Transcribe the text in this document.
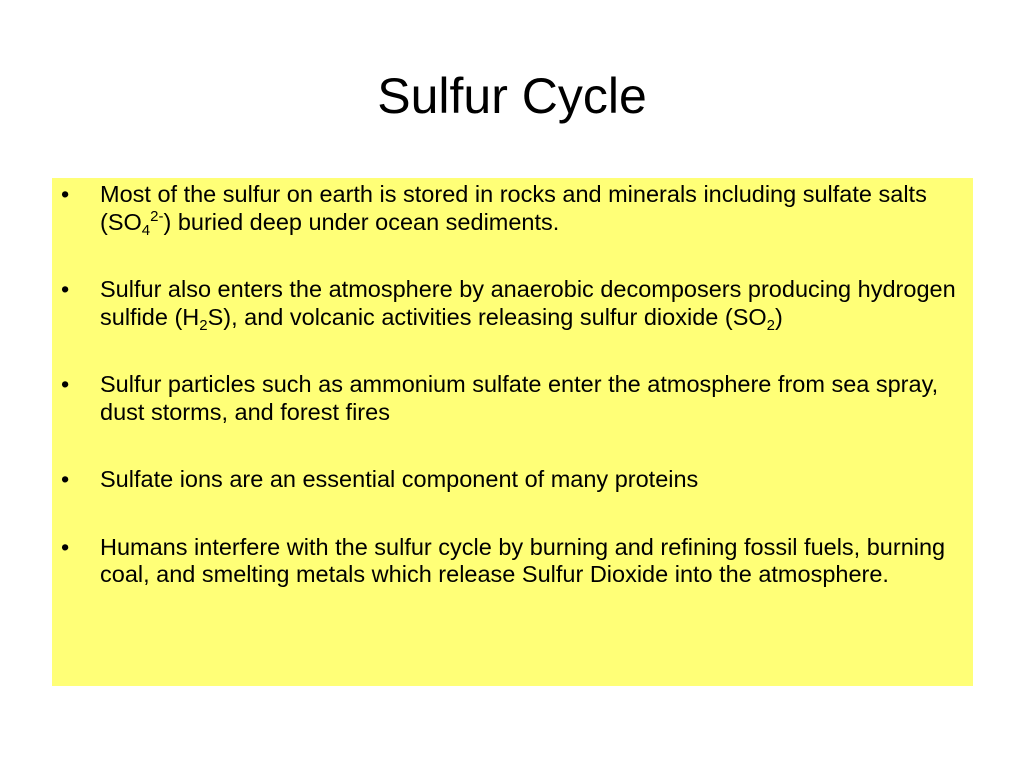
Sulfur Cycle
•	Most of the sulfur on earth is stored in rocks and minerals including sulfate salts $(SO_4^{2-})$ buried deep under ocean sediments.
•	Sulfur also enters the atmosphere by anaerobic decomposers producing hydrogen sulfide $(H_2S)$, and volcanic activities releasing sulfur dioxide $(SO_2)$
•	Sulfur particles such as ammonium sulfate enter the atmosphere from sea spray, dust storms, and forest fires
•	Sulfate ions are an essential component of many proteins
•	Humans interfere with the sulfur cycle by burning and refining fossil fuels, burning coal, and smelting metals which release Sulfur Dioxide into the atmosphere.
